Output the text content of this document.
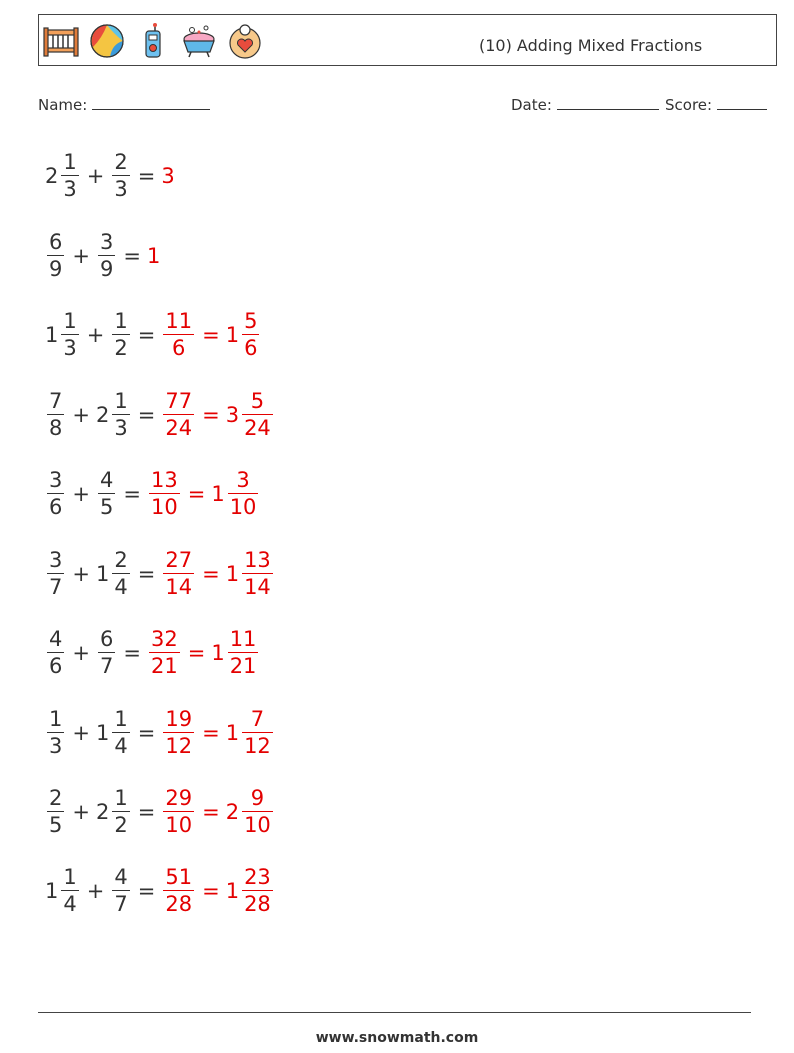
(10) Adding Mixed Fractions
Name:	Date:	Score:
$2 \frac{1}{3} + \frac{2}{3} = 3$
$\frac{6}{9} + \frac{3}{9} = 1$
$1 \frac{1}{3} + \frac{1}{2} = \frac{11}{6} = 1 \frac{5}{6}$
$\frac{7}{8} + 2 \frac{1}{3} = \frac{77}{24} = 3 \frac{5}{24}$
$\frac{3}{6} + \frac{4}{5} = \frac{13}{10} = 1 \frac{3}{10}$
$\frac{3}{7} + 1 \frac{2}{4} = \frac{27}{14} = 1 \frac{13}{14}$
$\frac{4}{6} + \frac{6}{7} = \frac{32}{21} = 1 \frac{11}{21}$
$\frac{1}{3} + 1 \frac{1}{4} = \frac{19}{12} = 1 \frac{7}{12}$
$\frac{2}{5} + 2 \frac{1}{2} = \frac{29}{10} = 2 \frac{9}{10}$
$1 \frac{1}{4} + \frac{4}{7} = \frac{51}{28} = 1 \frac{23}{28}$
www.snowmath.com
